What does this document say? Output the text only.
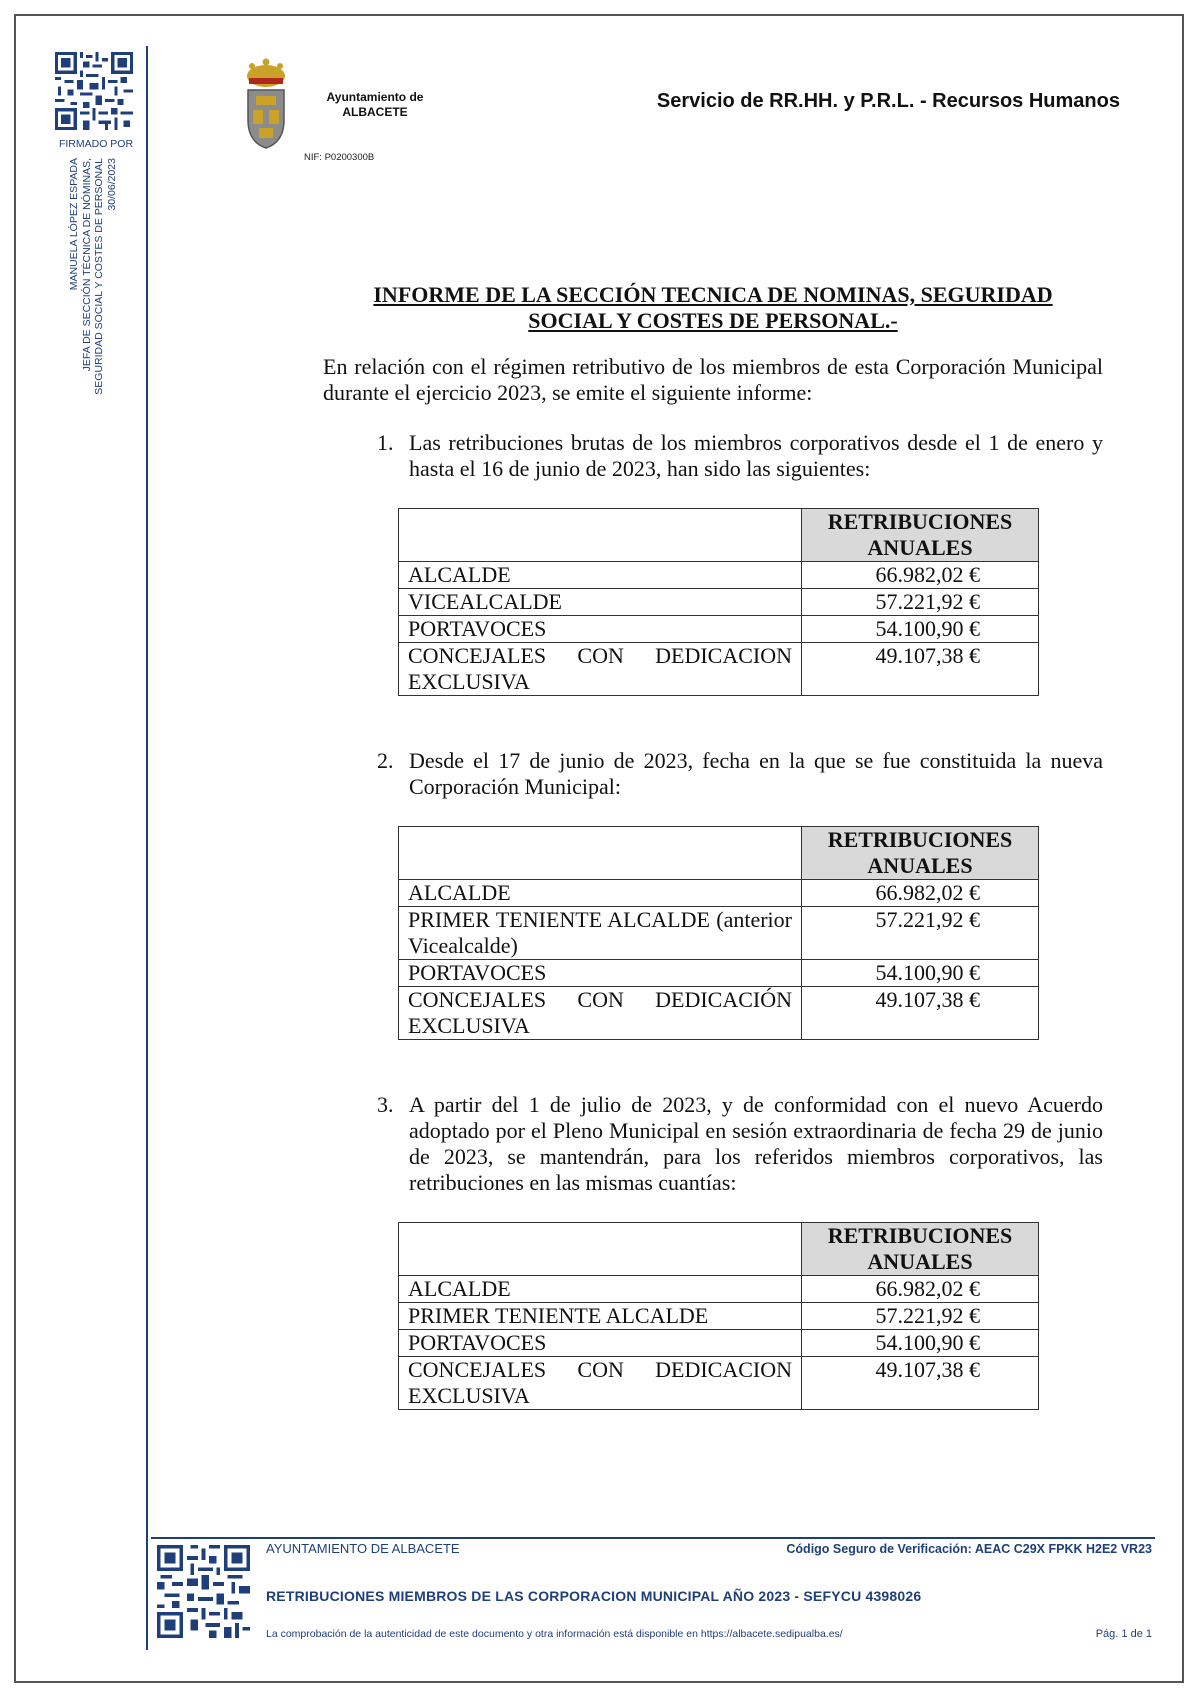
FIRMADO POR
MANUELA LÓPEZ ESPADA JEFA DE SECCIÓN TÉCNICA DE NÓMINAS, SEGURIDAD SOCIAL Y COSTES DE PERSONAL 30/06/2023
Ayuntamiento de
ALBACETE
NIF: P0200300B
Servicio de RR.HH. y P.R.L. - Recursos Humanos
INFORME DE LA SECCIÓN TECNICA DE NOMINAS, SEGURIDAD
SOCIAL Y COSTES DE PERSONAL.-

En relación con el régimen retributivo de los miembros de esta Corporación Municipal durante el ejercicio 2023, se emite el siguiente informe:

1. Las retribuciones brutas de los miembros corporativos desde el 1 de enero y hasta el 16 de junio de 2023, han sido las siguientes:

	RETRIBUCIONES
ANUALES

ALCALDE	66.982,02 €
VICEALCALDE	57.221,92 €
PORTAVOCES	54.100,90 €
CONCEJALES CON DEDICACION EXCLUSIVA	49.107,38 €
2. Desde el 17 de junio de 2023, fecha en la que se fue constituida la nueva Corporación Municipal:

	RETRIBUCIONES
ANUALES

ALCALDE	66.982,02 €
PRIMER TENIENTE ALCALDE (anterior Vicealcalde)	57.221,92 €
PORTAVOCES	54.100,90 €
CONCEJALES CON DEDICACIÓN EXCLUSIVA	49.107,38 €
3. A partir del 1 de julio de 2023, y de conformidad con el nuevo Acuerdo adoptado por el Pleno Municipal en sesión extraordinaria de fecha 29 de junio de 2023, se mantendrán, para los referidos miembros corporativos, las retribuciones en las mismas cuantías:

	RETRIBUCIONES
ANUALES

ALCALDE	66.982,02 €
PRIMER TENIENTE ALCALDE	57.221,92 €
PORTAVOCES	54.100,90 €
CONCEJALES CON DEDICACION EXCLUSIVA	49.107,38 €
AYUNTAMIENTO DE ALBACETE	Código Seguro de Verificación: AEAC C29X FPKK H2E2 VR23
RETRIBUCIONES MIEMBROS DE LAS CORPORACION MUNICIPAL AÑO 2023 - SEFYCU 4398026
La comprobación de la autenticidad de este documento y otra información está disponible en https://albacete.sedipualba.es/	Pág. 1 de 1
